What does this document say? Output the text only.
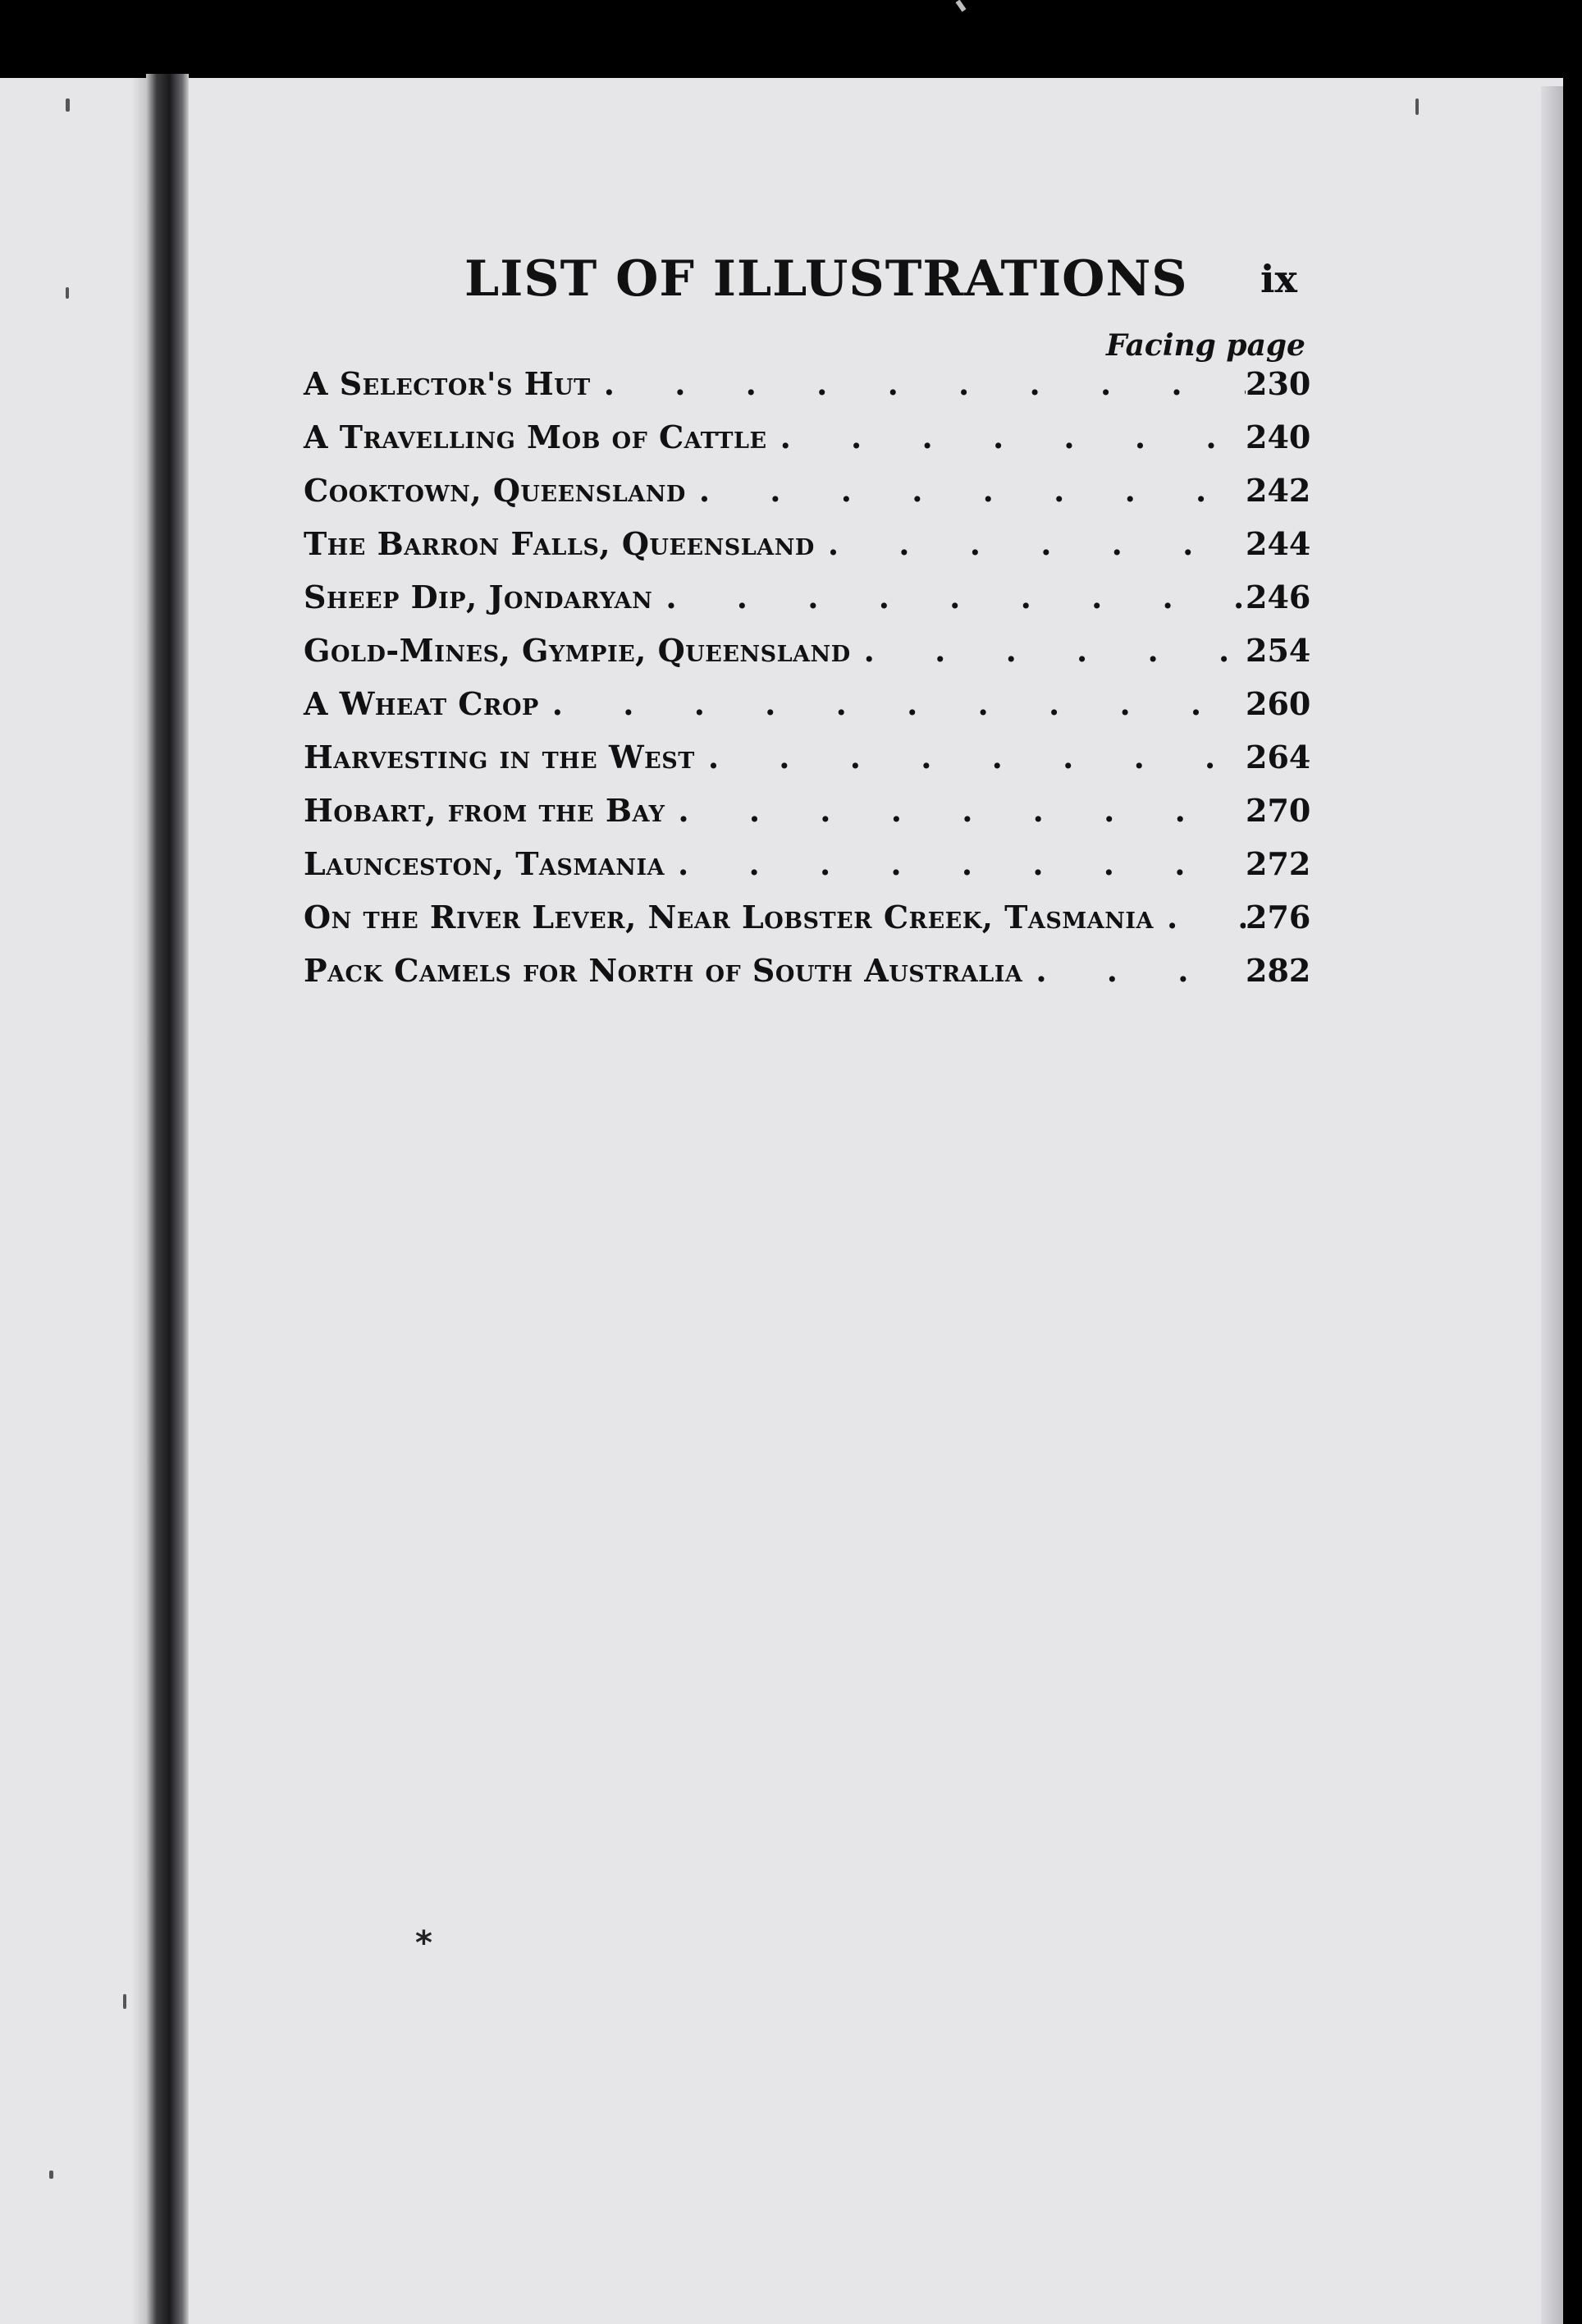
LIST OF ILLUSTRATIONS ix
Facing page
A Selector's Hut . . .	230
A Travelling Mob of Cattle . . .	240
Cooktown, Queensland . . .	242
The Barron Falls, Queensland . . .	244
Sheep Dip, Jondaryan . . .	246
Gold-Mines, Gympie, Queensland . . .	254
A Wheat Crop . . .	260
Harvesting in the West . . .	264
Hobart, from the Bay . . .	270
Launceston, Tasmania . . .	272
On the River Lever, Near Lobster Creek, Tasmania . . .	276
Pack Camels for North of South Australia . . .	282
*
